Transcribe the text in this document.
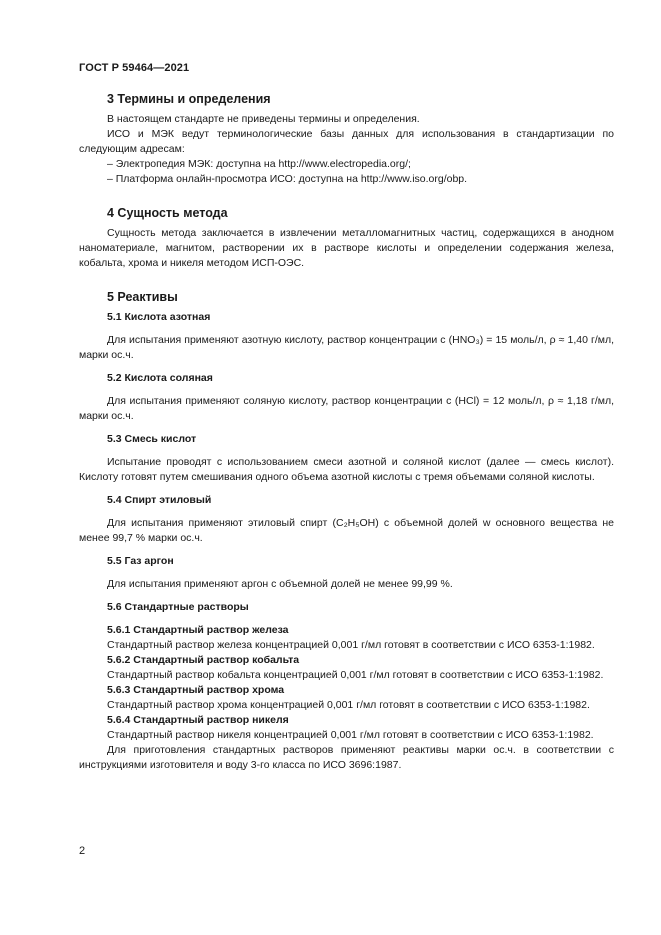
ГОСТ Р 59464—2021
3 Термины и определения

В настоящем стандарте не приведены термины и определения.

ИСО и МЭК ведут терминологические базы данных для использования в стандартизации по следующим адресам:

– Электропедия МЭК: доступна на http://www.electropedia.org/;
– Платформа онлайн-просмотра ИСО: доступна на http://www.iso.org/obp.
4 Сущность метода

Сущность метода заключается в извлечении металломагнитных частиц, содержащихся в анодном наноматериале, магнитом, растворении их в растворе кислоты и определении содержания железа, кобальта, хрома и никеля методом ИСП-ОЭС.

5 Реактивы
5.1 Кислота азотная

Для испытания применяют азотную кислоту, раствор концентрации c (HNO₃) = 15 моль/л, ρ ≈ 1,40 г/мл, марки ос.ч.

5.2 Кислота соляная

Для испытания применяют соляную кислоту, раствор концентрации c (HCl) = 12 моль/л, ρ ≈ 1,18 г/мл, марки ос.ч.

5.3 Смесь кислот

Испытание проводят с использованием смеси азотной и соляной кислот (далее — смесь кислот). Кислоту готовят путем смешивания одного объема азотной кислоты с тремя объемами соляной кислоты.

5.4 Спирт этиловый

Для испытания применяют этиловый спирт (C₂H₅OH) с объемной долей w основного вещества не менее 99,7 % марки ос.ч.

5.5 Газ аргон

Для испытания применяют аргон с объемной долей не менее 99,99 %.

5.6 Стандартные растворы
5.6.1 Стандартный раствор железа

Стандартный раствор железа концентрацией 0,001 г/мл готовят в соответствии с ИСО 6353-1:1982.

5.6.2 Стандартный раствор кобальта

Стандартный раствор кобальта концентрацией 0,001 г/мл готовят в соответствии с ИСО 6353-1:1982.

5.6.3 Стандартный раствор хрома

Стандартный раствор хрома концентрацией 0,001 г/мл готовят в соответствии с ИСО 6353-1:1982.

5.6.4 Стандартный раствор никеля

Стандартный раствор никеля концентрацией 0,001 г/мл готовят в соответствии с ИСО 6353-1:1982.

Для приготовления стандартных растворов применяют реактивы марки ос.ч. в соответствии с инструкциями изготовителя и воду 3-го класса по ИСО 3696:1987.

2
